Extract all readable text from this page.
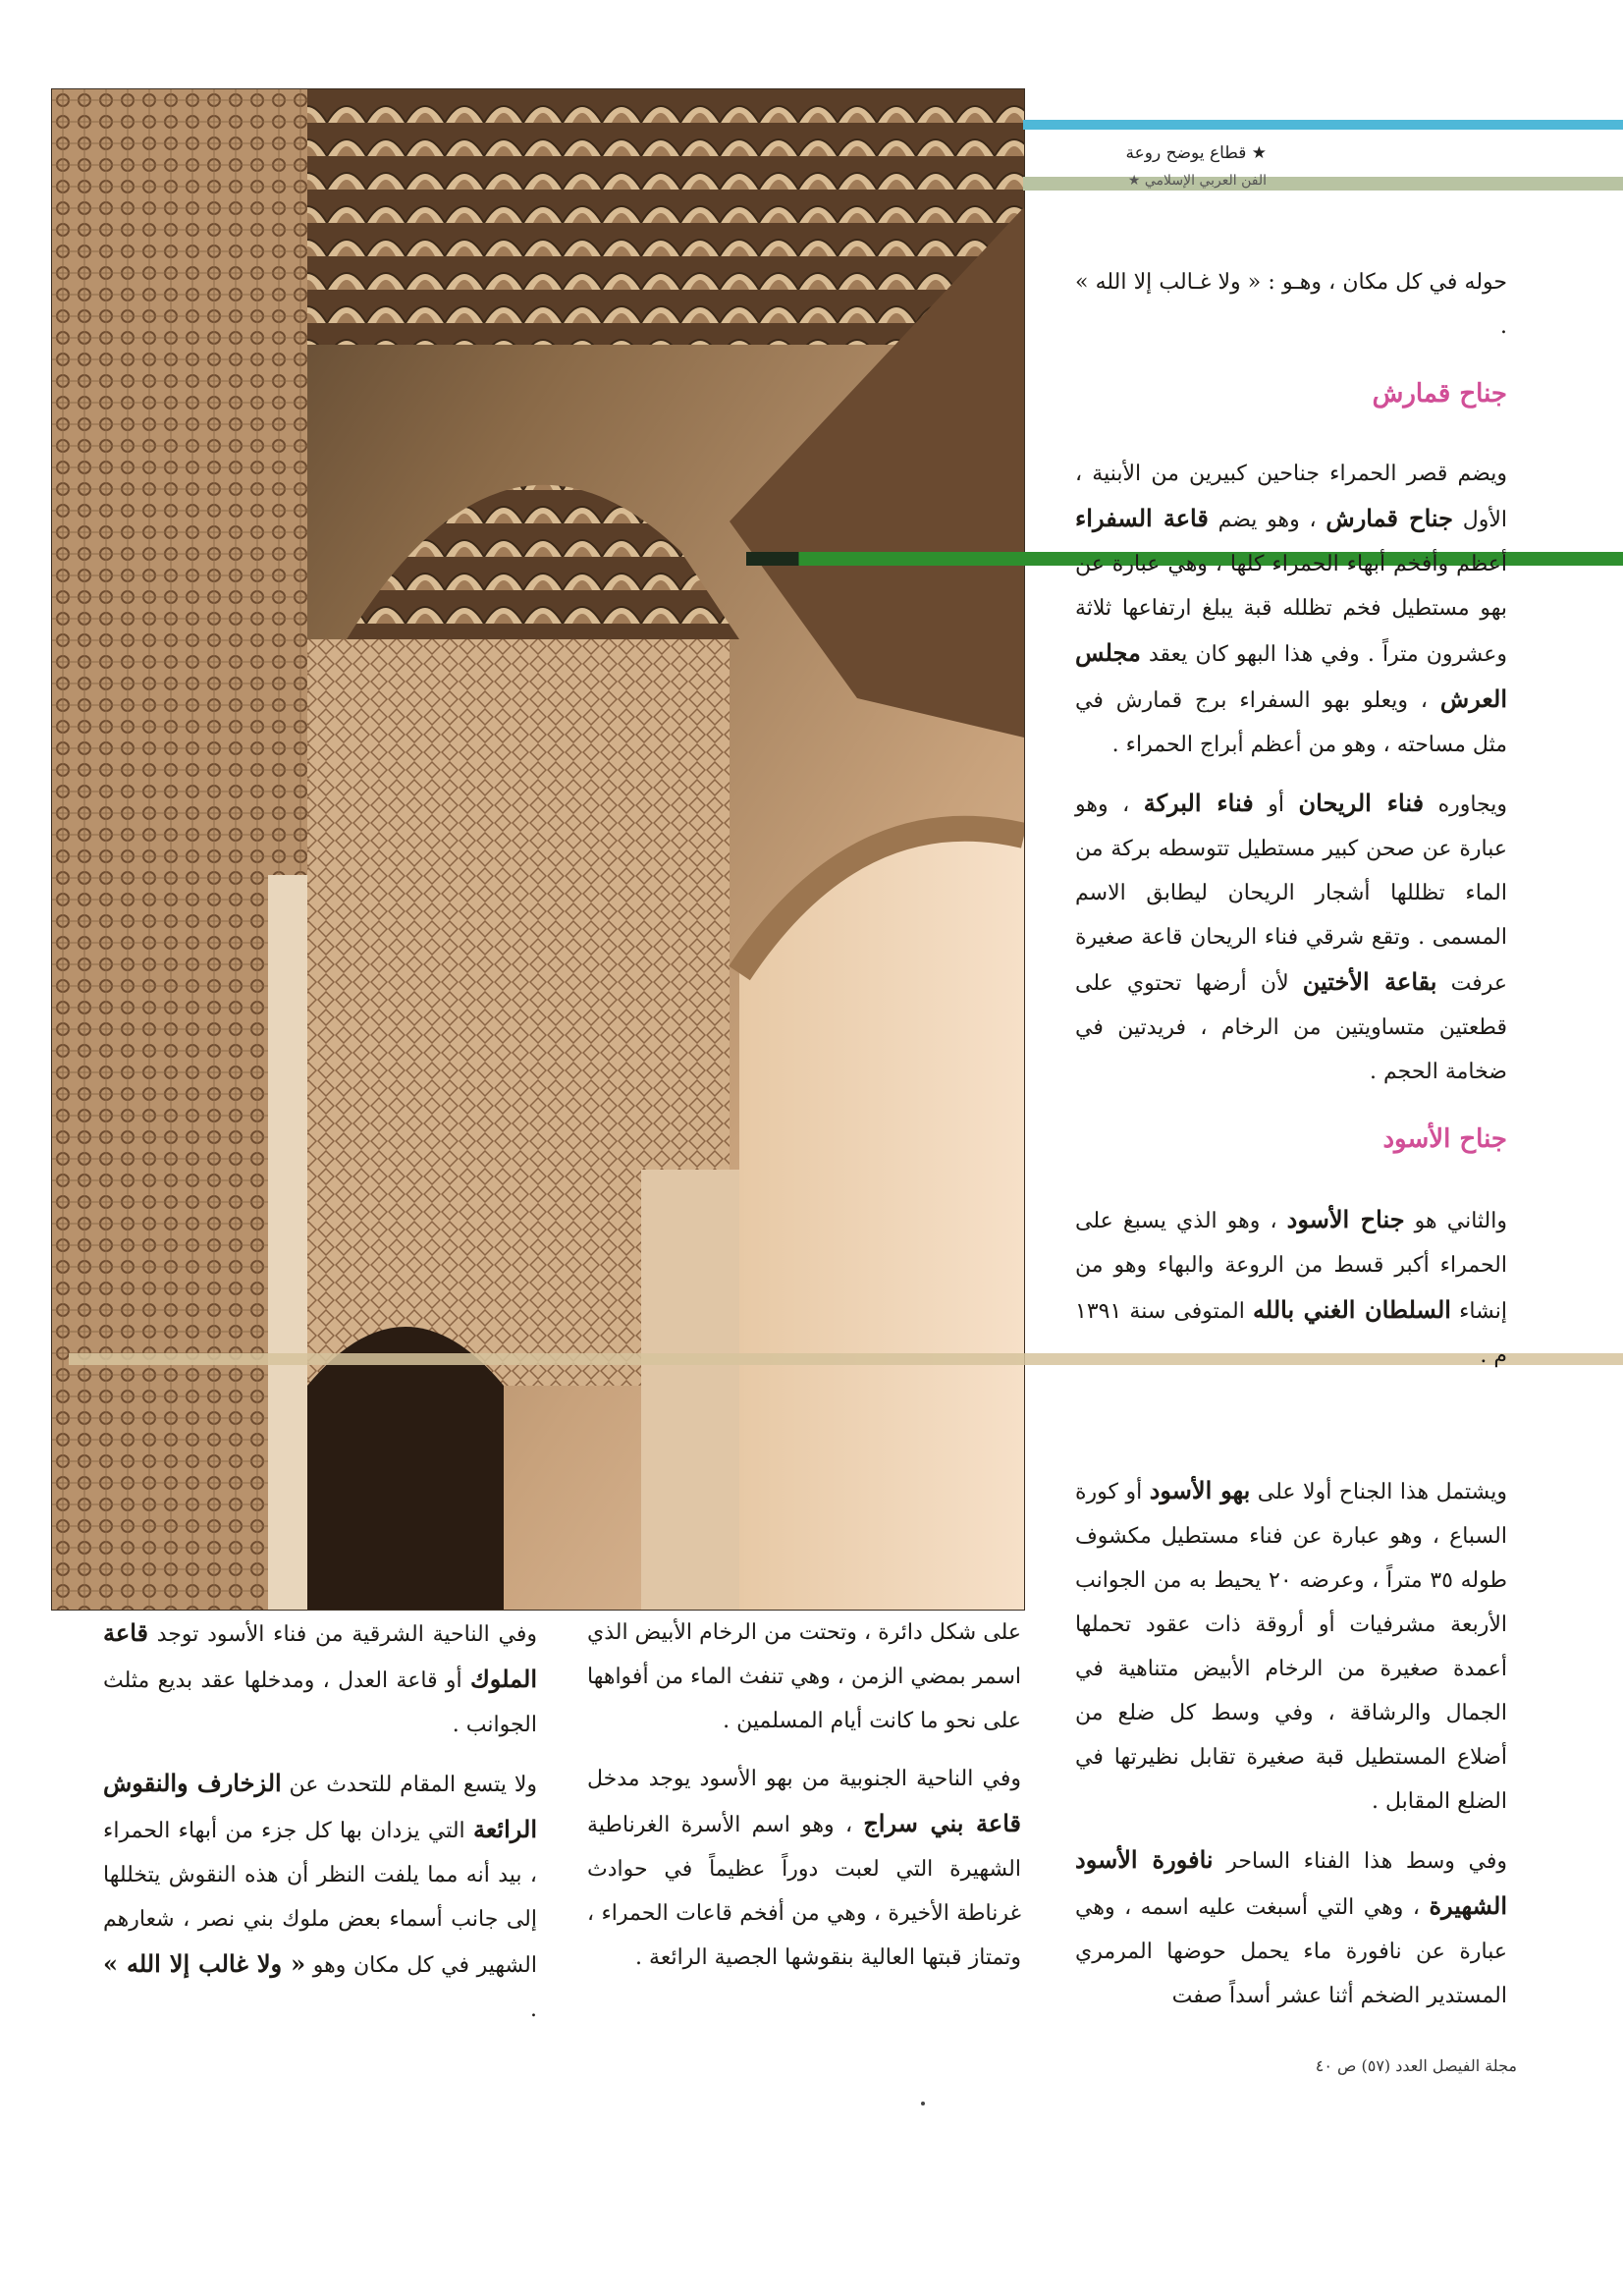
★ قطاع يوضح روعة
الفن العربي الإسلامي ★

حوله في كل مكان ، وهـو : « ولا غـالب إلا الله » .

جناح قمارش

ويضم قصر الحمراء جناحين كبيرين من الأبنية ، الأول جناح قمارش ، وهو يضم قاعة السفراء أعظم وأفخم أبهاء الحمراء كلها ، وهي عبارة عن بهو مستطيل فخم تظلله قبة يبلغ ارتفاعها ثلاثة وعشرون متراً . وفي هذا البهو كان يعقد مجلس العرش ، ويعلو بهو السفراء برج قمارش في مثل مساحته ، وهو من أعظم أبراج الحمراء .

ويجاوره فناء الريحان أو فناء البركة ، وهو عبارة عن صحن كبير مستطيل تتوسطه بركة من الماء تظللها أشجار الريحان ليطابق الاسم المسمى . وتقع شرقي فناء الريحان قاعة صغيرة عرفت بقاعة الأختين لأن أرضها تحتوي على قطعتين متساويتين من الرخام ، فريدتين في ضخامة الحجم .

جناح الأسود

والثاني هو جناح الأسود ، وهو الذي يسبغ على الحمراء أكبر قسط من الروعة والبهاء وهو من إنشاء السلطان الغني بالله المتوفى سنة ١٣٩١ م .

ويشتمل هذا الجناح أولا على بهو الأسود أو كورة السباع ، وهو عبارة عن فناء مستطيل مكشوف طوله ٣٥ متراً ، وعرضه ٢٠ يحيط به من الجوانب الأربعة مشرفيات أو أروقة ذات عقود تحملها أعمدة صغيرة من الرخام الأبيض متناهية في الجمال والرشاقة ، وفي وسط كل ضلع من أضلاع المستطيل قبة صغيرة تقابل نظيرتها في الضلع المقابل .

وفي وسط هذا الفناء الساحر نافورة الأسود الشهيرة ، وهي التي أسبغت عليه اسمه ، وهي عبارة عن نافورة ماء يحمل حوضها المرمري المستدير الضخم أثنا عشر أسداً صفت

على شكل دائرة ، وتحتت من الرخام الأبيض الذي اسمر بمضي الزمن ، وهي تنفث الماء من أفواهها على نحو ما كانت أيام المسلمين .

وفي الناحية الجنوبية من بهو الأسود يوجد مدخل قاعة بني سراج ، وهو اسم الأسرة الغرناطية الشهيرة التي لعبت دوراً عظيماً في حوادث غرناطة الأخيرة ، وهي من أفخم قاعات الحمراء ، وتمتاز قبتها العالية بنقوشها الجصية الرائعة .

وفي الناحية الشرقية من فناء الأسود توجد قاعة الملوك أو قاعة العدل ، ومدخلها عقد بديع مثلث الجوانب .

ولا يتسع المقام للتحدث عن الزخارف والنقوش الرائعة التي يزدان بها كل جزء من أبهاء الحمراء ، بيد أنه مما يلفت النظر أن هذه النقوش يتخللها إلى جانب أسماء بعض ملوك بني نصر ، شعارهم الشهير في كل مكان وهو « ولا غالب إلا الله » .

مجلة الفيصل العدد (٥٧) ص ٤٠
